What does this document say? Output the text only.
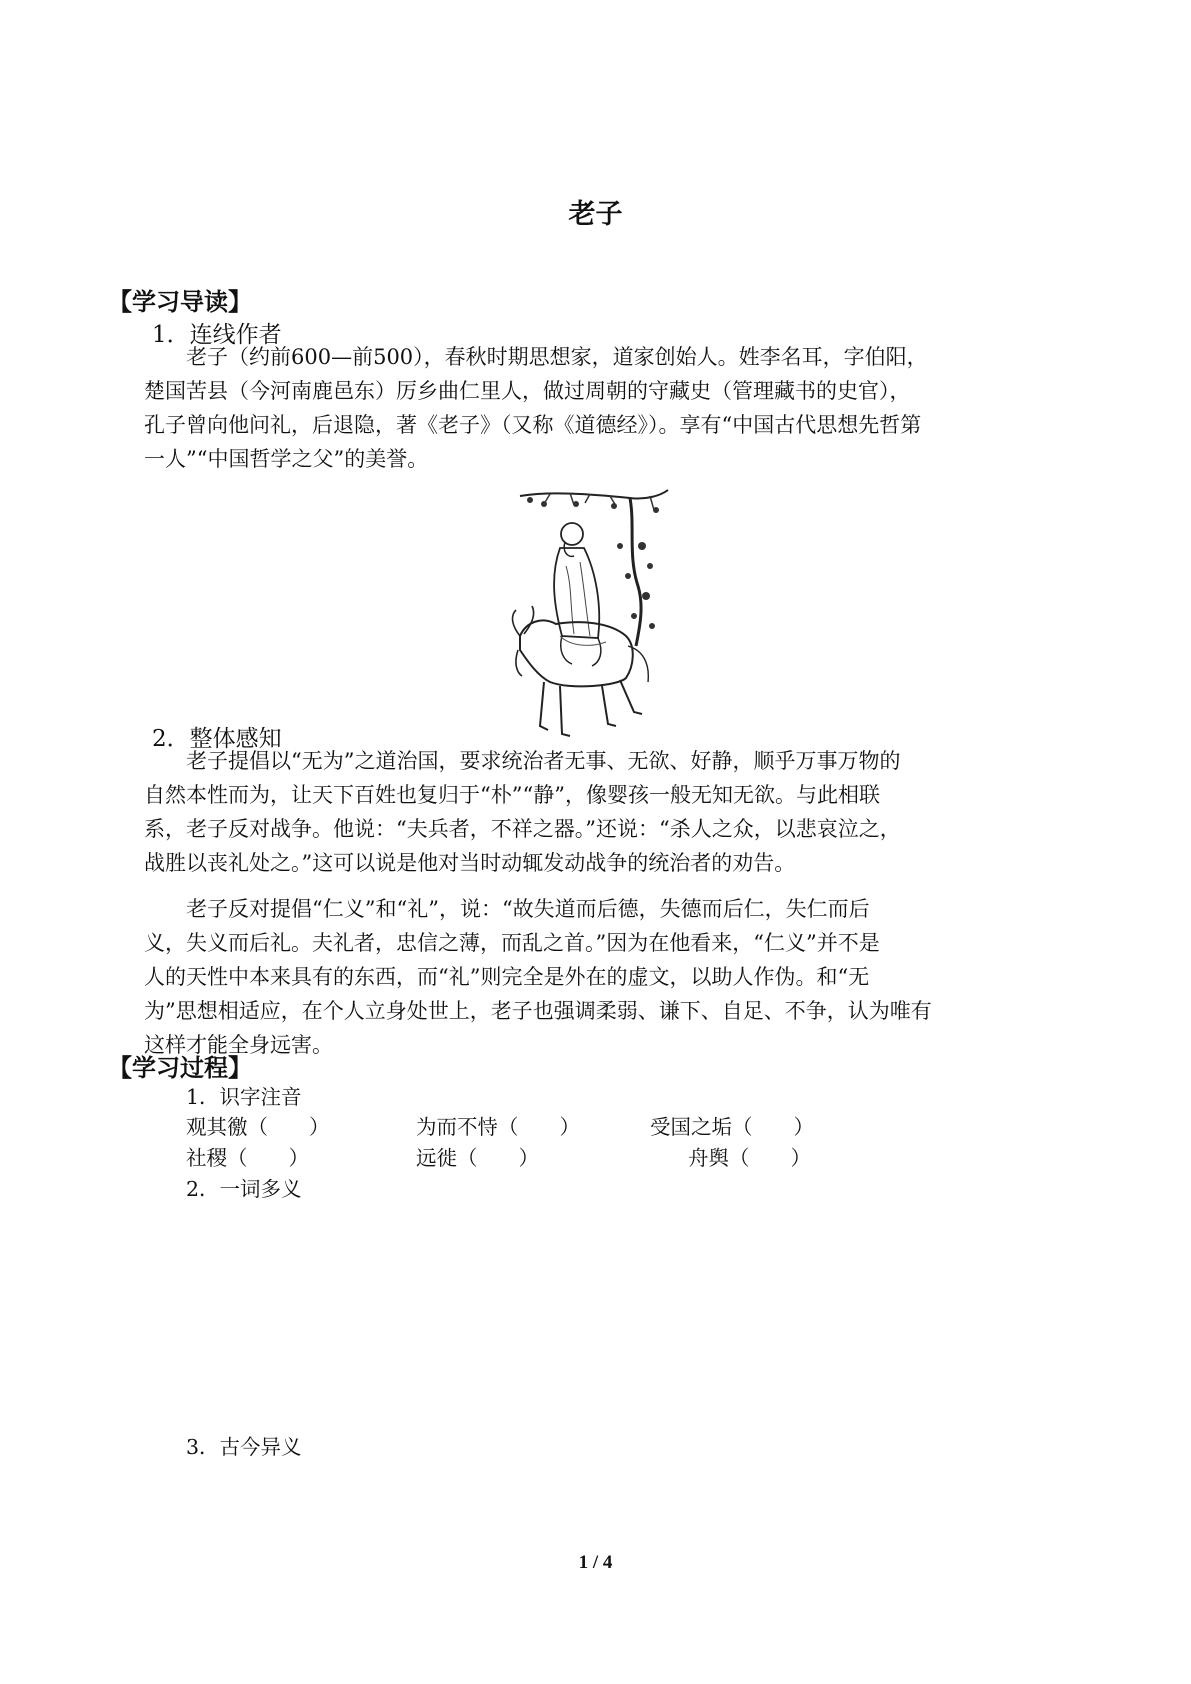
老子
【学习导读】
1．连线作者

老子（约前600—前500），春秋时期思想家，道家创始人。姓李名耳，字伯阳，

楚国苦县（今河南鹿邑东）厉乡曲仁里人，做过周朝的守藏史（管理藏书的史官），

孔子曾向他问礼，后退隐，著《老子》（又称《道德经》）。享有“中国古代思想先哲第

一人”“中国哲学之父”的美誉。

2．整体感知

老子提倡以“无为”之道治国，要求统治者无事、无欲、好静，顺乎万事万物的

自然本性而为，让天下百姓也复归于“朴”“静”，像婴孩一般无知无欲。与此相联

系，老子反对战争。他说：“夫兵者，不祥之器。”还说：“杀人之众，以悲哀泣之，

战胜以丧礼处之。”这可以说是他对当时动辄发动战争的统治者的劝告。

老子反对提倡“仁义”和“礼”，说：“故失道而后德，失德而后仁，失仁而后

义，失义而后礼。夫礼者，忠信之薄，而乱之首。”因为在他看来，“仁义”并不是

人的天性中本来具有的东西，而“礼”则完全是外在的虚文，以助人作伪。和“无

为”思想相适应，在个人立身处世上，老子也强调柔弱、谦下、自足、不争，认为唯有

这样才能全身远害。

【学习过程】
1．识字注音
观其徼（　　）	为而不恃（　　）	受国之垢（　　）
社稷（　　）	远徙（　　）	舟舆（　　）
2．一词多义
3．古今异义
1 / 4
